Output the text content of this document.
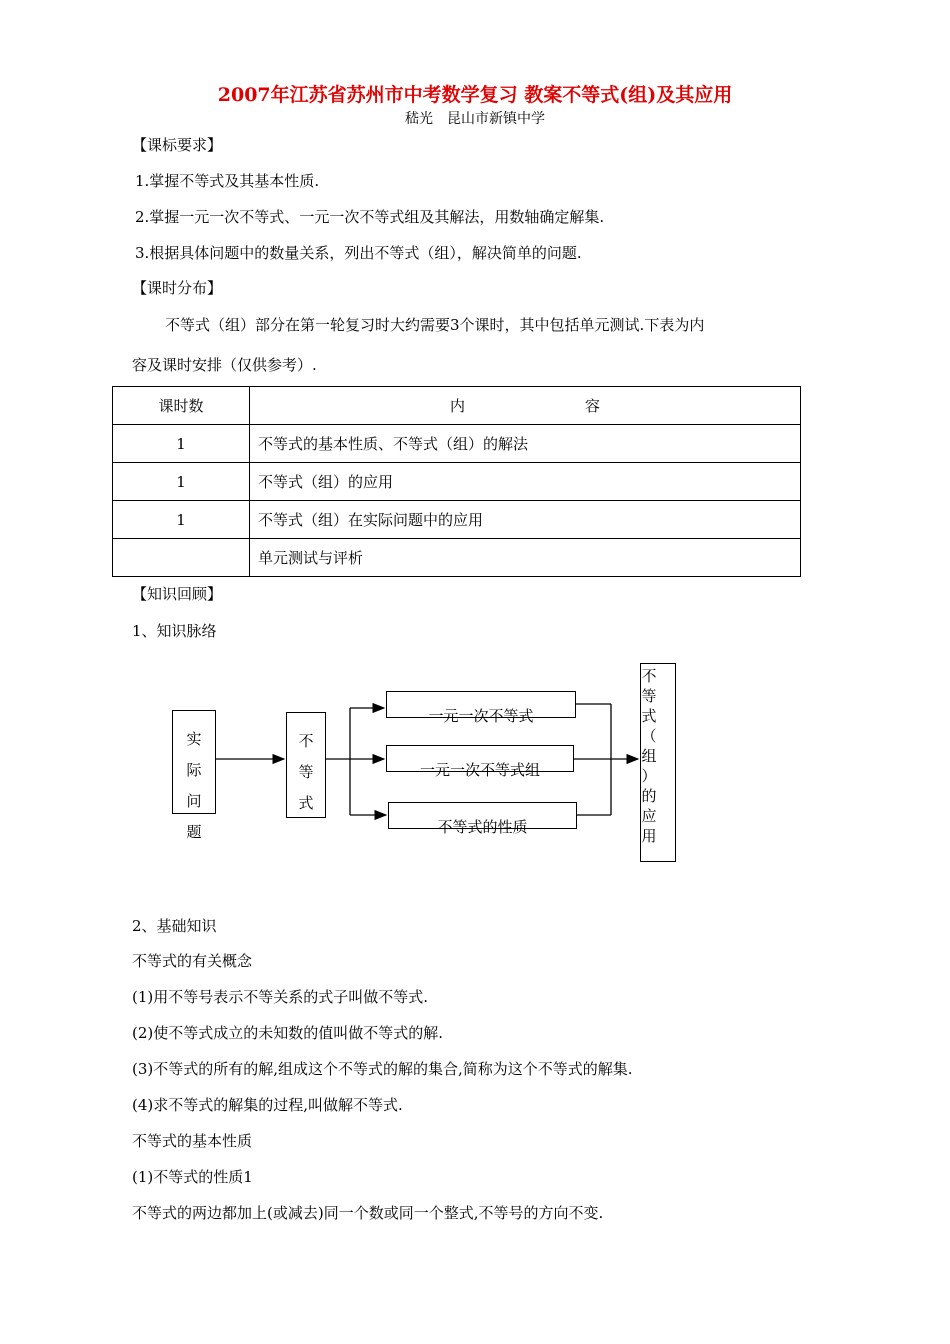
2007年江苏省苏州市中考数学复习 教案不等式(组)及其应用
嵇光　昆山市新镇中学
【课标要求】
1.掌握不等式及其基本性质.
2.掌握一元一次不等式、一元一次不等式组及其解法，用数轴确定解集.
3.根据具体问题中的数量关系，列出不等式（组），解决简单的问题.
【课时分布】
不等式（组）部分在第一轮复习时大约需要3个课时，其中包括单元测试.下表为内
容及课时安排（仅供参考）.
课时数	内 容
1	不等式的基本性质、不等式（组）的解法
1	不等式（组）的应用
1	不等式（组）在实际问题中的应用
	单元测试与评析
【知识回顾】
1、知识脉络
实
际
问
题
不
等
式
一元一次不等式
一元一次不等式组
不等式的性质
不
等
式
（
组
）
的
应
用
2、基础知识
不等式的有关概念
(1)用不等号表示不等关系的式子叫做不等式.
(2)使不等式成立的未知数的值叫做不等式的解.
(3)不等式的所有的解,组成这个不等式的解的集合,简称为这个不等式的解集.
(4)求不等式的解集的过程,叫做解不等式.
不等式的基本性质
(1)不等式的性质1
不等式的两边都加上(或减去)同一个数或同一个整式,不等号的方向不变.
